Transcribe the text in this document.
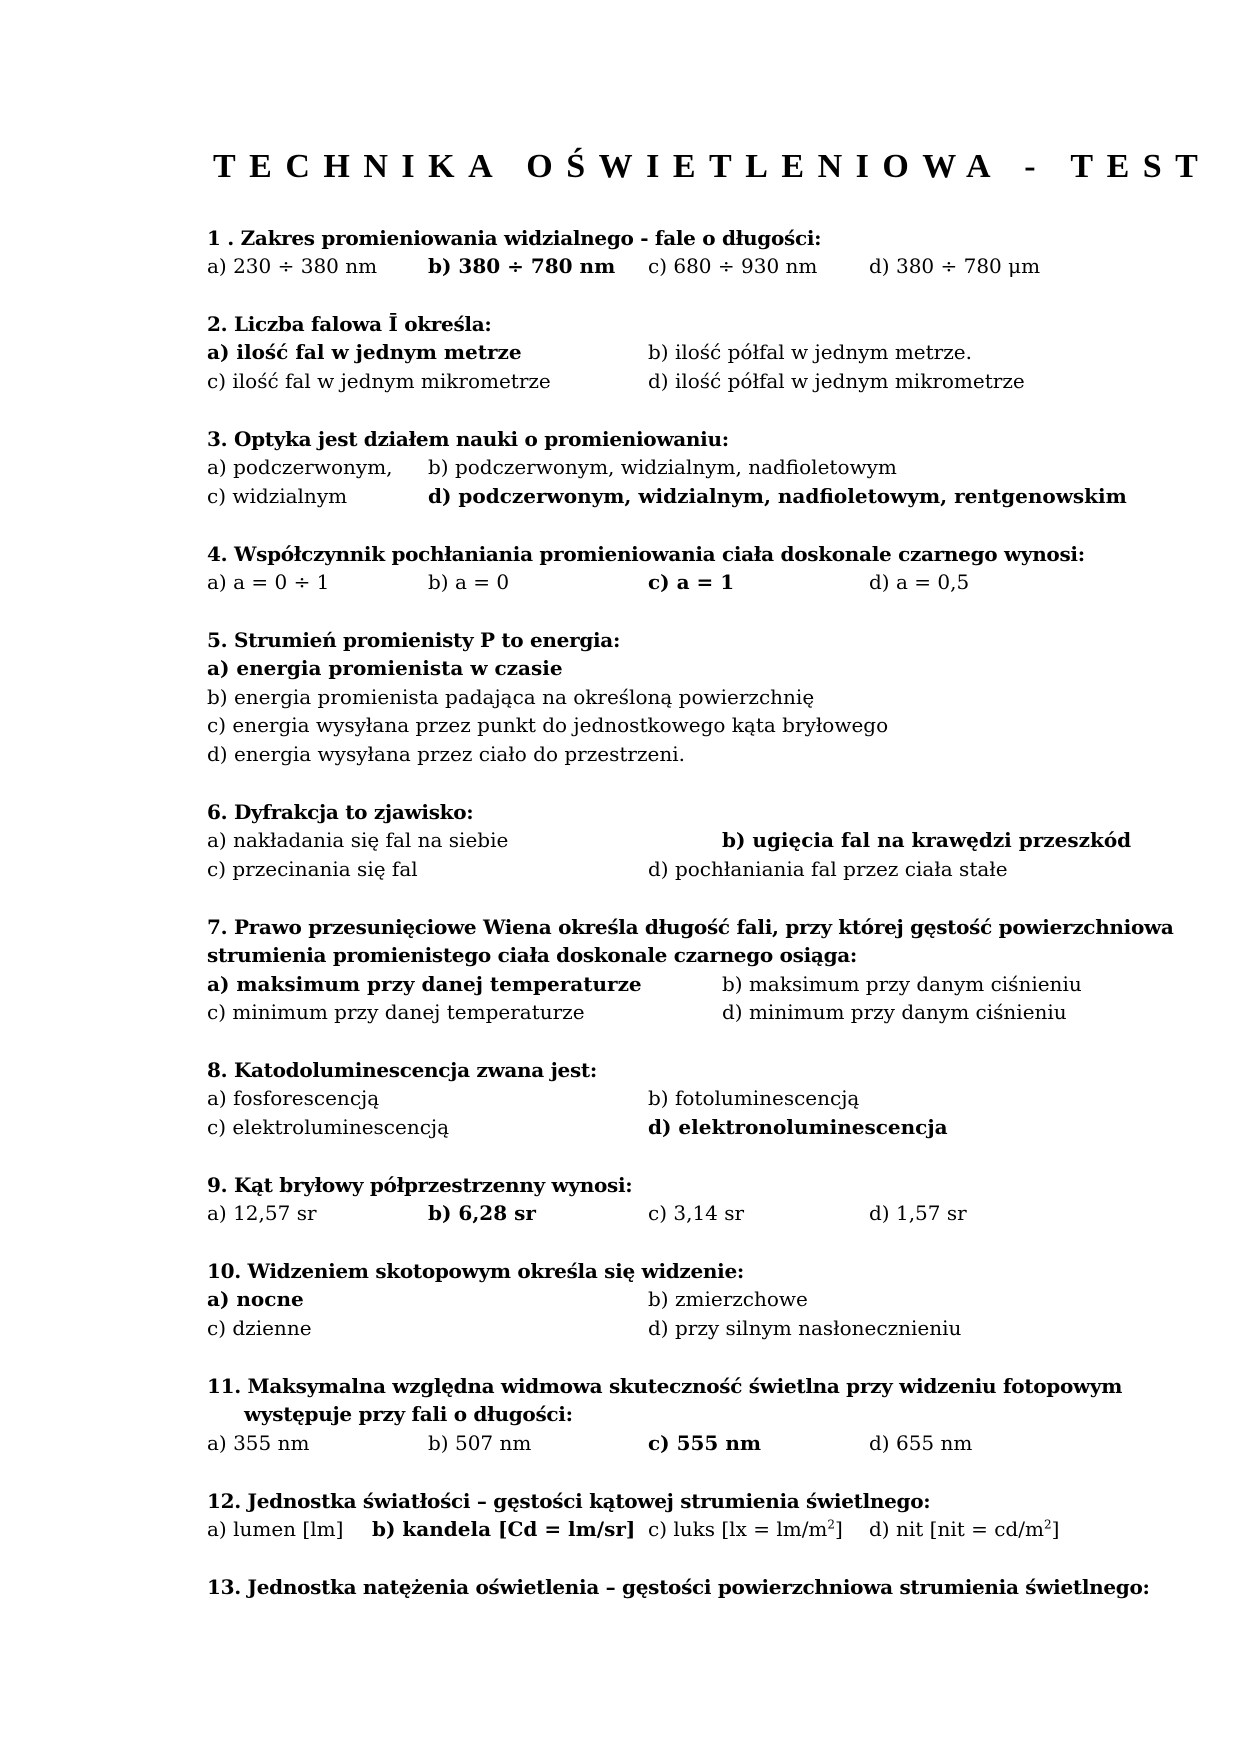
TECHNIKA OŚWIETLENIOWA - TEST
1 . Zakres promieniowania widzialnego - fale o długości:
a) 230 ÷ 380 nm	b) 380 ÷ 780 nm c) 680 ÷ 930 nm	d) 380 ÷ 780 μm
2. Liczba falowa Ī określa:
a) ilość fal w jednym metrze	b) ilość półfal w jednym metrze.
c) ilość fal w jednym mikrometrze	d) ilość półfal w jednym mikrometrze
3. Optyka jest działem nauki o promieniowaniu:
a) podczerwonym, b) podczerwonym, widzialnym, nadfioletowym
c) widzialnym	d) podczerwonym, widzialnym, nadfioletowym, rentgenowskim
4. Współczynnik pochłaniania promieniowania ciała doskonale czarnego wynosi:
a) a = 0 ÷ 1	b) a = 0	c) a = 1	d) a = 0,5
5. Strumień promienisty P to energia:
a) energia promienista w czasie
b) energia promienista padająca na określoną powierzchnię
c) energia wysyłana przez punkt do jednostkowego kąta bryłowego
d) energia wysyłana przez ciało do przestrzeni.
6. Dyfrakcja to zjawisko:
a) nakładania się fal na siebie	b) ugięcia fal na krawędzi przeszkód
c) przecinania się fal	d) pochłaniania fal przez ciała stałe
7. Prawo przesunięciowe Wiena określa długość fali, przy której gęstość powierzchniowa
strumienia promienistego ciała doskonale czarnego osiąga:
a) maksimum przy danej temperaturze	b) maksimum przy danym ciśnieniu
c) minimum przy danej temperaturze	d) minimum przy danym ciśnieniu
8. Katodoluminescencja zwana jest:
a) fosforescencją	b) fotoluminescencją
c) elektroluminescencją	d) elektronoluminescencja
9. Kąt bryłowy półprzestrzenny wynosi:
a) 12,57 sr	b) 6,28 sr	c) 3,14 sr	d) 1,57 sr
10. Widzeniem skotopowym określa się widzenie:
a) nocne	b) zmierzchowe
c) dzienne	d) przy silnym nasłonecznieniu
11. Maksymalna względna widmowa skuteczność świetlna przy widzeniu fotopowym
występuje przy fali o długości:
a) 355 nm	b) 507 nm	c) 555 nm	d) 655 nm
12. Jednostka światłości – gęstości kątowej strumienia świetlnego:
a) lumen [lm] b) kandela [Cd = lm/sr] c) luks $[lx = lm/m^2]$ d) nit $[nit = cd/m^2]$
13. Jednostka natężenia oświetlenia – gęstości powierzchniowa strumienia świetlnego:
